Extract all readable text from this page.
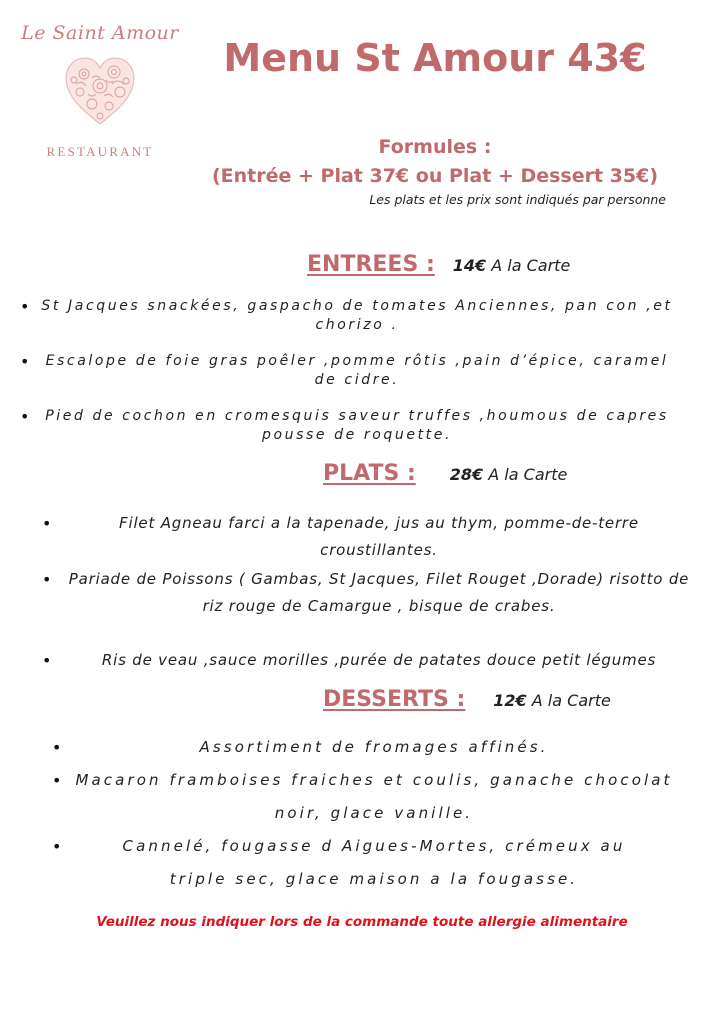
Le Saint Amour
RESTAURANT
Menu St Amour 43€
Formules :
(Entrée + Plat 37€ ou Plat + Dessert 35€)
Les plats et les prix sont indiqués par personne
ENTREES : 14€ A la Carte
• St Jacques snackées, gaspacho de tomates Anciennes, pan con ,et chorizo .
• Escalope de foie gras poêler ,pomme rôtis ,pain d’épice, caramel de cidre.
• Pied de cochon en cromesquis saveur truffes ,houmous de capres pousse de roquette.
PLATS : 28€ A la Carte
•	Filet Agneau farci a la tapenade, jus au thym, pomme-de-terre croustillantes.
• Pariade de Poissons ( Gambas, St Jacques, Filet Rouget ,Dorade) risotto de riz rouge de Camargue , bisque de crabes.
•	Ris de veau ,sauce morilles ,purée de patates douce petit légumes
DESSERTS : 12€ A la Carte
•	Assortiment de fromages affinés.
• Macaron framboises fraiches et coulis, ganache chocolat noir, glace vanille.
•	Cannelé, fougasse d Aigues-Mortes, crémeux au triple sec, glace maison a la fougasse.
Veuillez nous indiquer lors de la commande toute allergie alimentaire
